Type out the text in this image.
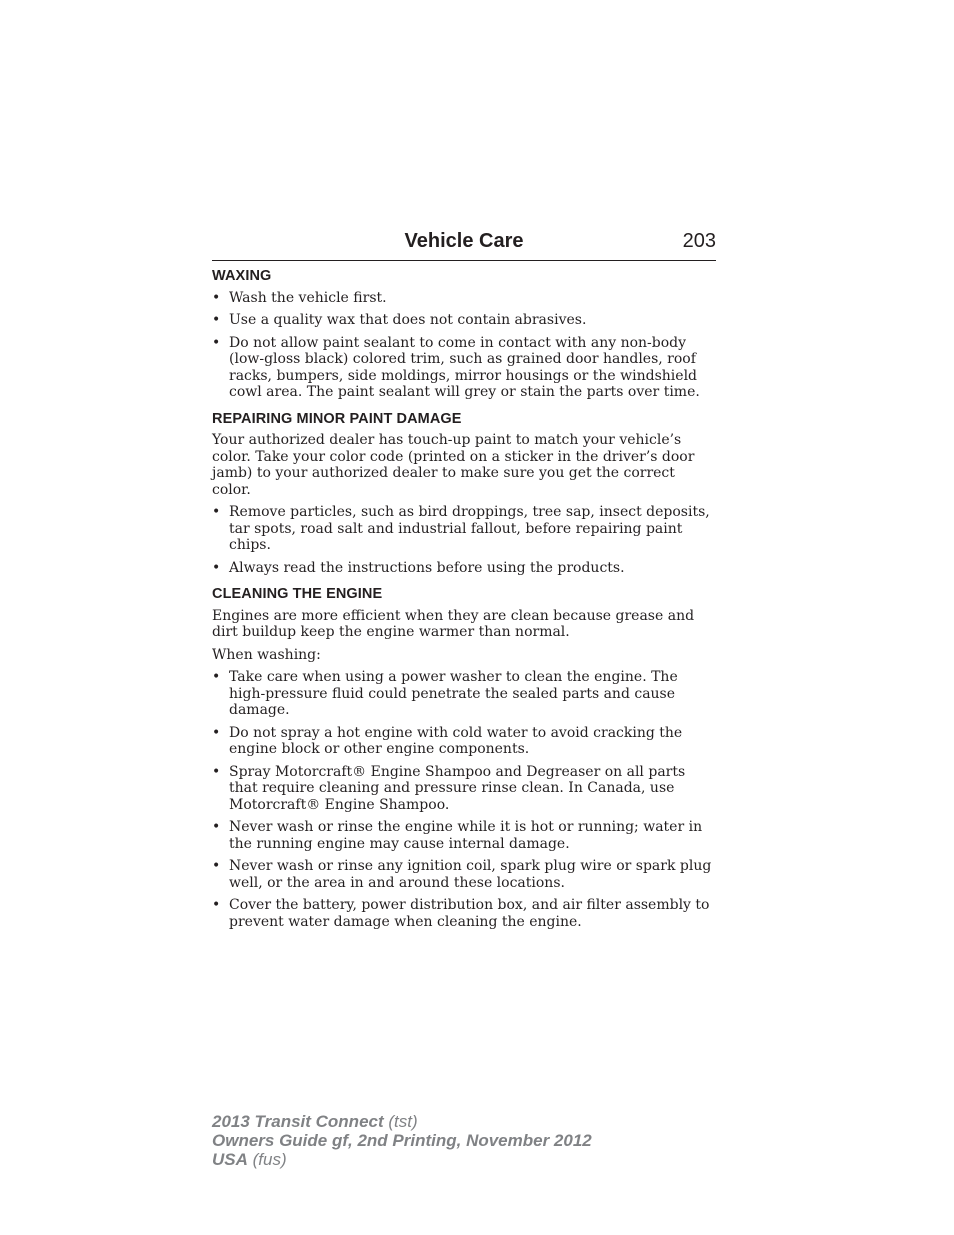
Vehicle Care	203
WAXING
• Wash the vehicle first.
• Use a quality wax that does not contain abrasives.
• Do not allow paint sealant to come in contact with any non-body (low-gloss black) colored trim, such as grained door handles, roof racks, bumpers, side moldings, mirror housings or the windshield cowl area. The paint sealant will grey or stain the parts over time.
REPAIRING MINOR PAINT DAMAGE

Your authorized dealer has touch-up paint to match your vehicle’s color. Take your color code (printed on a sticker in the driver’s door jamb) to your authorized dealer to make sure you get the correct color.

• Remove particles, such as bird droppings, tree sap, insect deposits, tar spots, road salt and industrial fallout, before repairing paint chips.
• Always read the instructions before using the products.
CLEANING THE ENGINE

Engines are more efficient when they are clean because grease and dirt buildup keep the engine warmer than normal.

When washing:

• Take care when using a power washer to clean the engine. The high-pressure fluid could penetrate the sealed parts and cause damage.
• Do not spray a hot engine with cold water to avoid cracking the engine block or other engine components.
• Spray Motorcraft® Engine Shampoo and Degreaser on all parts that require cleaning and pressure rinse clean. In Canada, use Motorcraft® Engine Shampoo.
• Never wash or rinse the engine while it is hot or running; water in the running engine may cause internal damage.
• Never wash or rinse any ignition coil, spark plug wire or spark plug well, or the area in and around these locations.
• Cover the battery, power distribution box, and air filter assembly to prevent water damage when cleaning the engine.
2013 Transit Connect (tst)
Owners Guide gf, 2nd Printing, November 2012
USA (fus)
